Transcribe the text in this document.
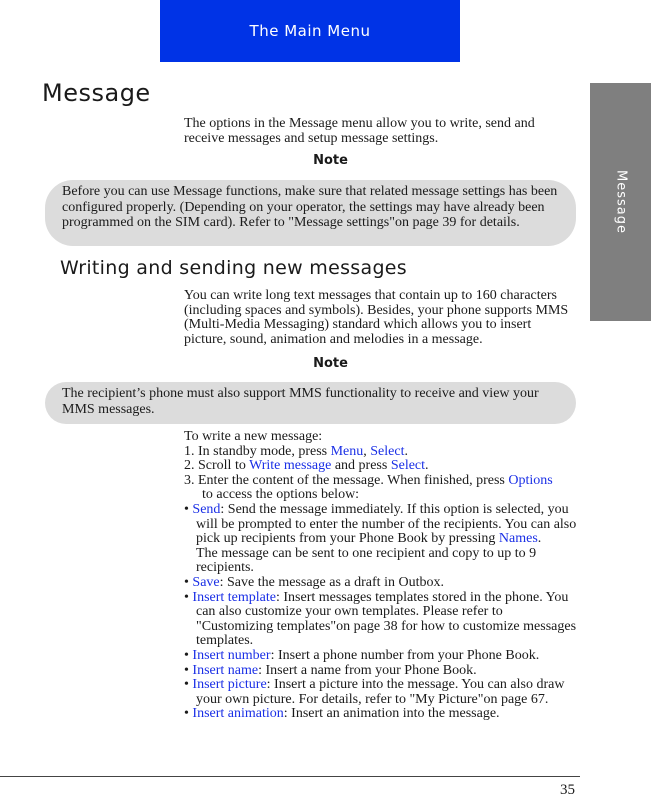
The Main Menu
Message
Message

The options in the Message menu allow you to write, send and receive messages and setup message settings.

Note
Before you can use Message functions, make sure that related message settings has been configured properly. (Depending on your operator, the settings may have already been programmed on the SIM card). Refer to "Message settings"on page 39 for details.
Writing and sending new messages

You can write long text messages that contain up to 160 characters (including spaces and symbols). Besides, your phone supports MMS (Multi-Media Messaging) standard which allows you to insert picture, sound, animation and melodies in a message.

Note
The recipient’s phone must also support MMS functionality to receive and view your MMS messages.
To write a new message:
1. In standby mode, press Menu, Select.
2. Scroll to Write message and press Select.
3. Enter the content of the message. When finished, press Options
to access the options below:
• Send: Send the message immediately. If this option is selected, you will be prompted to enter the number of the recipients. You can also pick up recipients from your Phone Book by pressing Names.
The message can be sent to one recipient and copy to up to 9 recipients.
• Save: Save the message as a draft in Outbox.
• Insert template: Insert messages templates stored in the phone. You can also customize your own templates. Please refer to "Customizing templates"on page 38 for how to customize messages templates.
• Insert number: Insert a phone number from your Phone Book.
• Insert name: Insert a name from your Phone Book.
• Insert picture: Insert a picture into the message. You can also draw your own picture. For details, refer to "My Picture"on page 67.
• Insert animation: Insert an animation into the message.
35
